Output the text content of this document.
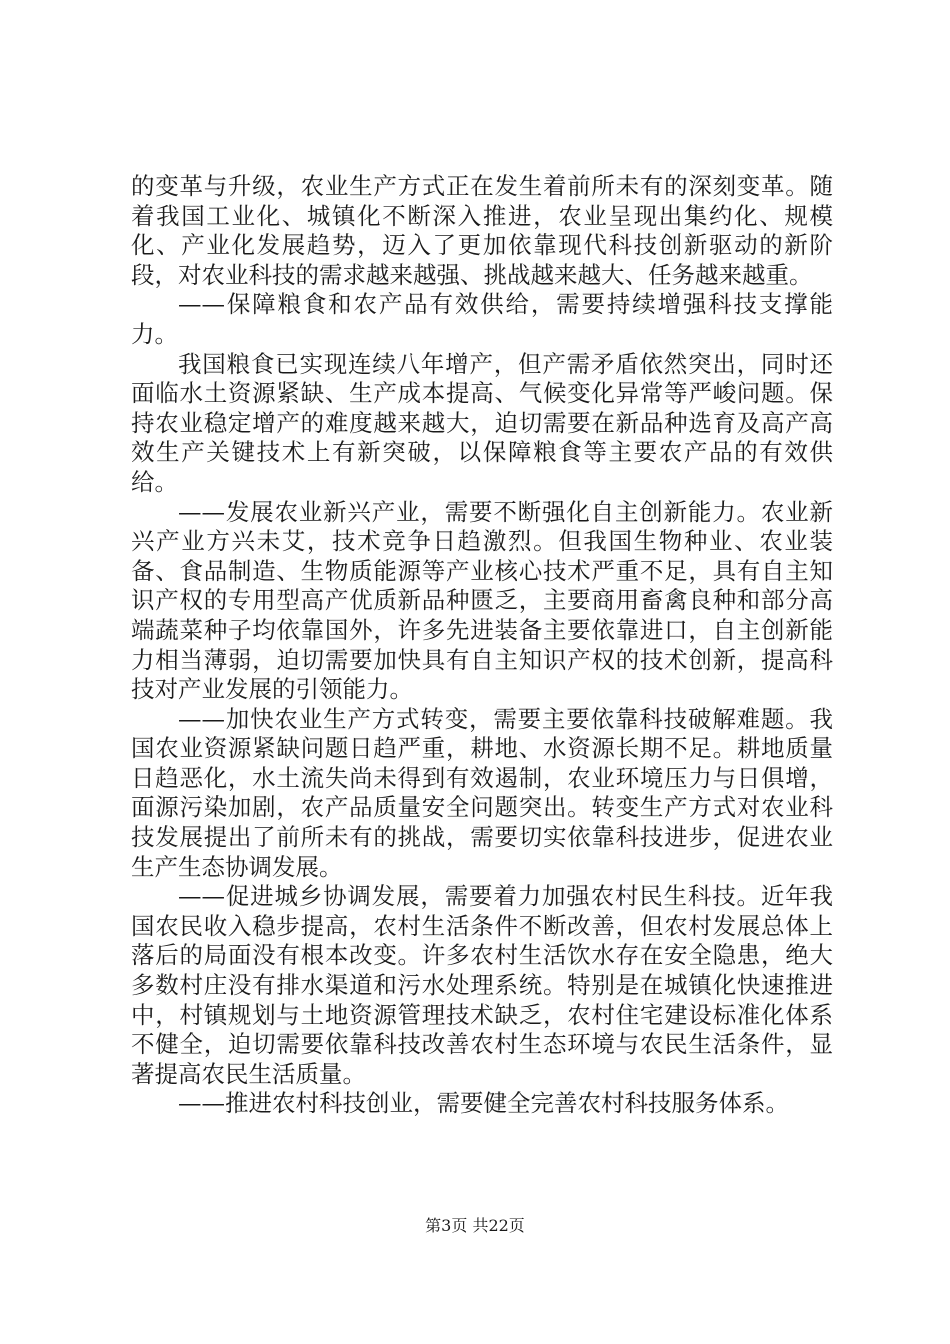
的变革与升级，农业生产方式正在发生着前所未有的深刻变革。随着我国工业化、城镇化不断深入推进，农业呈现出集约化、规模化、产业化发展趋势，迈入了更加依靠现代科技创新驱动的新阶段，对农业科技的需求越来越强、挑战越来越大、任务越来越重。

——保障粮食和农产品有效供给，需要持续增强科技支撑能力。

我国粮食已实现连续八年增产，但产需矛盾依然突出，同时还面临水土资源紧缺、生产成本提高、气候变化异常等严峻问题。保持农业稳定增产的难度越来越大，迫切需要在新品种选育及高产高效生产关键技术上有新突破，以保障粮食等主要农产品的有效供给。

——发展农业新兴产业，需要不断强化自主创新能力。农业新兴产业方兴未艾，技术竞争日趋激烈。但我国生物种业、农业装备、食品制造、生物质能源等产业核心技术严重不足，具有自主知识产权的专用型高产优质新品种匮乏，主要商用畜禽良种和部分高端蔬菜种子均依靠国外，许多先进装备主要依靠进口，自主创新能力相当薄弱，迫切需要加快具有自主知识产权的技术创新，提高科技对产业发展的引领能力。

——加快农业生产方式转变，需要主要依靠科技破解难题。我国农业资源紧缺问题日趋严重，耕地、水资源长期不足。耕地质量日趋恶化，水土流失尚未得到有效遏制，农业环境压力与日俱增，面源污染加剧，农产品质量安全问题突出。转变生产方式对农业科技发展提出了前所未有的挑战，需要切实依靠科技进步，促进农业生产生态协调发展。

——促进城乡协调发展，需要着力加强农村民生科技。近年我国农民收入稳步提高，农村生活条件不断改善，但农村发展总体上落后的局面没有根本改变。许多农村生活饮水存在安全隐患，绝大多数村庄没有排水渠道和污水处理系统。特别是在城镇化快速推进中，村镇规划与土地资源管理技术缺乏，农村住宅建设标准化体系不健全，迫切需要依靠科技改善农村生态环境与农民生活条件，显著提高农民生活质量。

——推进农村科技创业，需要健全完善农村科技服务体系。

第3页 共22页
